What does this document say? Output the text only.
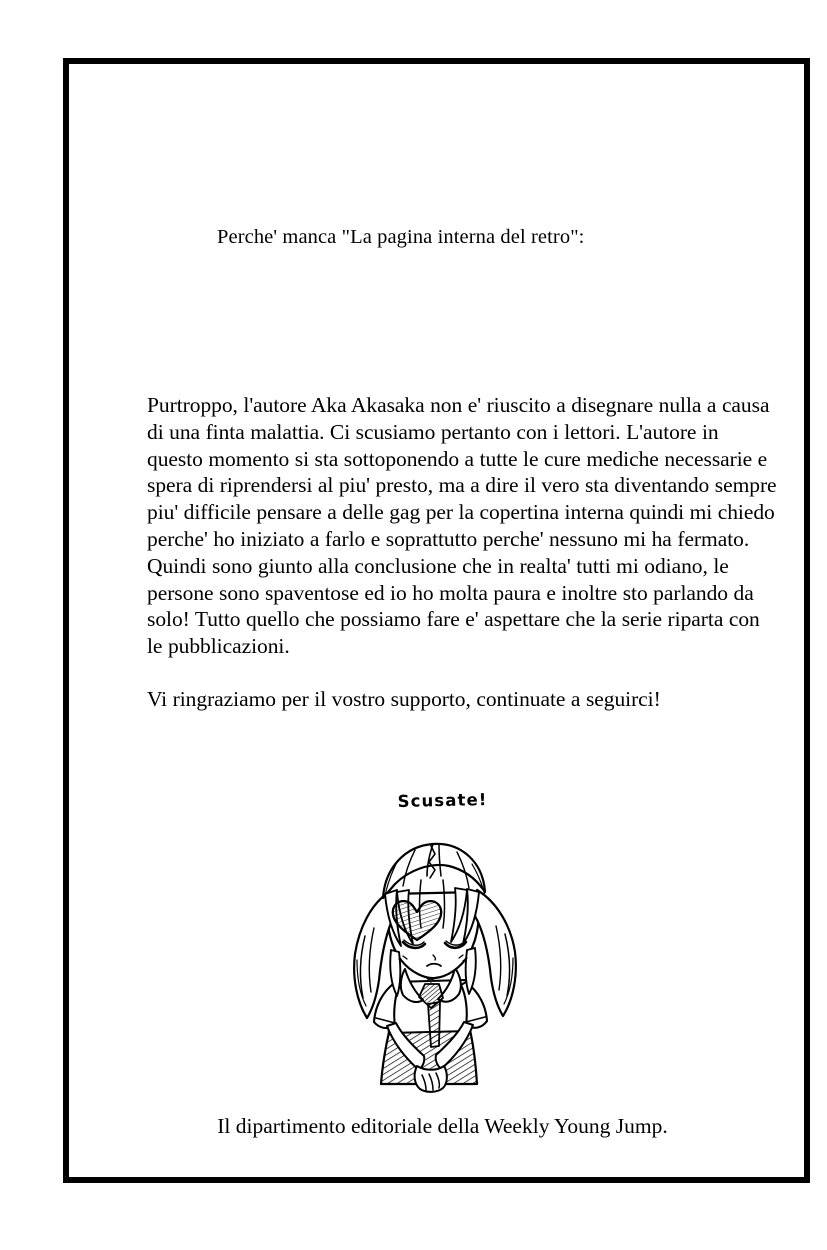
Perche' manca "La pagina interna del retro":

Purtroppo, l'autore Aka Akasaka non e' riuscito a disegnare nulla a causa di una finta malattia. Ci scusiamo pertanto con i lettori. L'autore in questo momento si sta sottoponendo a tutte le cure mediche necessarie e spera di riprendersi al piu' presto, ma a dire il vero sta diventando sempre piu' difficile pensare a delle gag per la copertina interna quindi mi chiedo perche' ho iniziato a farlo e soprattutto perche' nessuno mi ha fermato. Quindi sono giunto alla conclusione che in realta' tutti mi odiano, le persone sono spaventose ed io ho molta paura e inoltre sto parlando da solo! Tutto quello che possiamo fare e' aspettare che la serie riparta con le pubblicazioni.

Vi ringraziamo per il vostro supporto, continuate a seguirci!

Scusate!
Il dipartimento editoriale della Weekly Young Jump.
